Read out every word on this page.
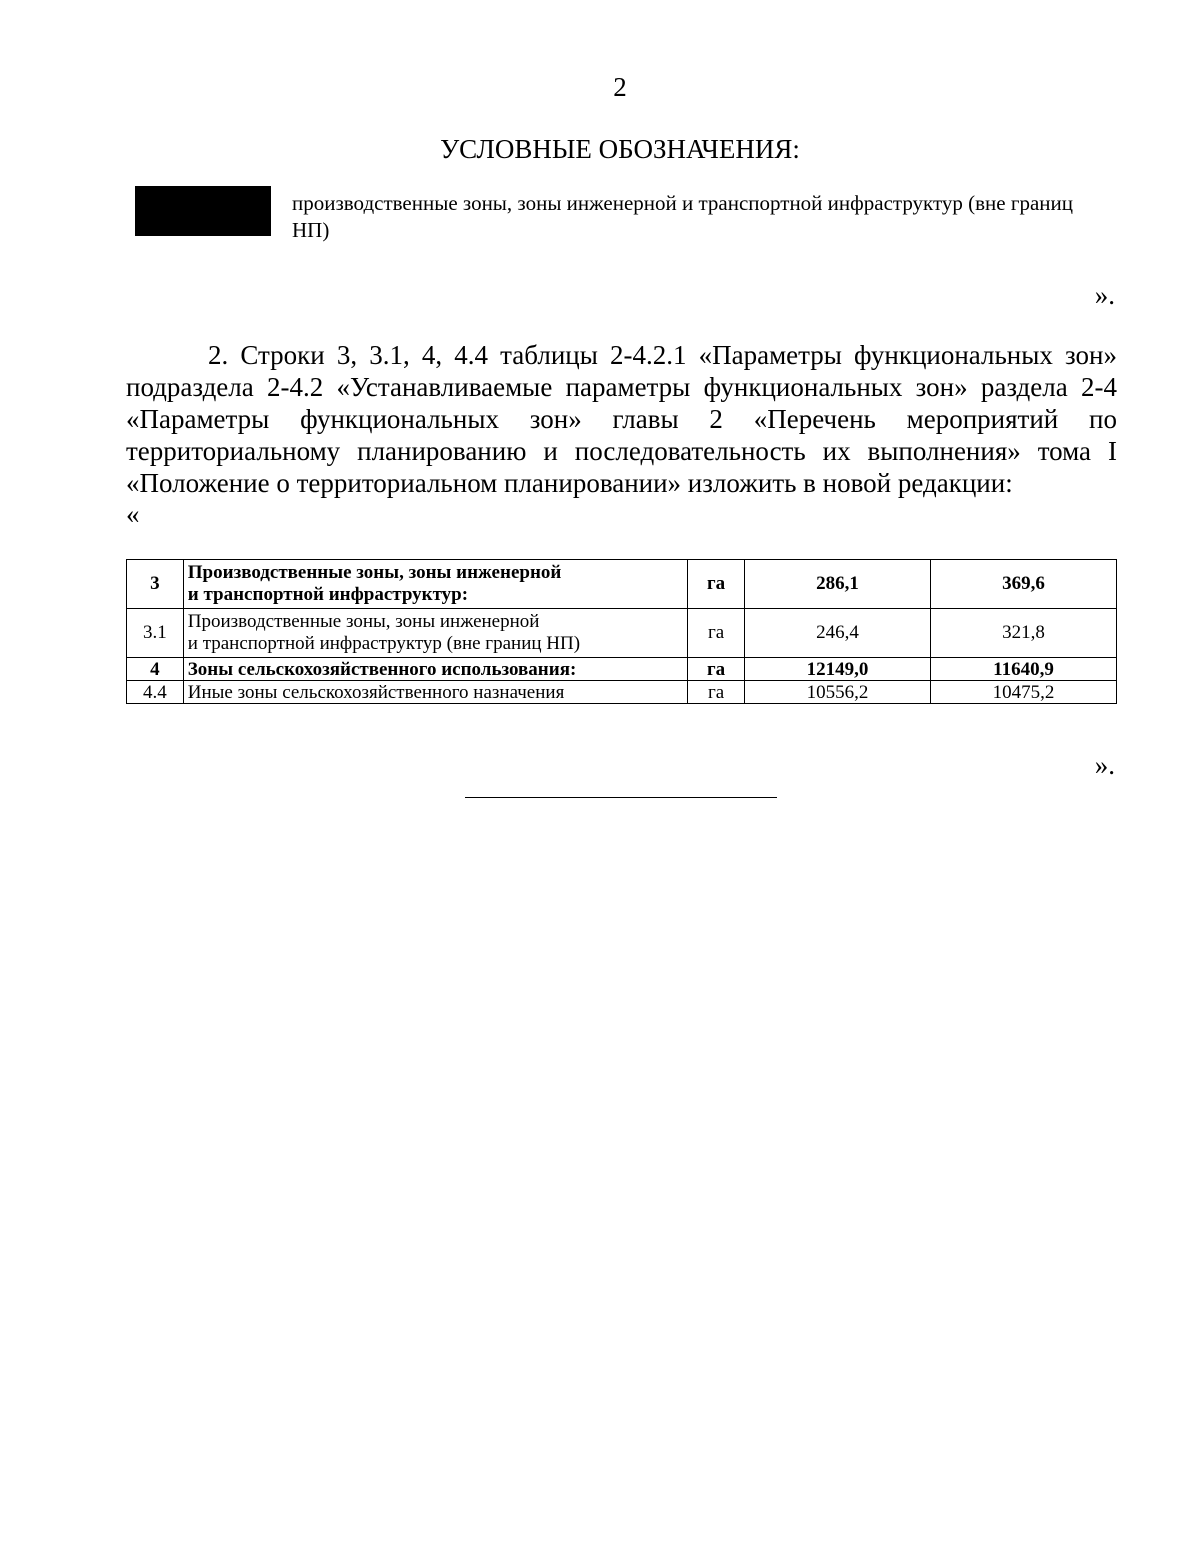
2
УСЛОВНЫЕ ОБОЗНАЧЕНИЯ:
производственные зоны, зоны инженерной и транспортной инфраструктур (вне границ НП)
».
2. Строки 3, 3.1, 4, 4.4 таблицы 2-4.2.1 «Параметры функциональных зон» подраздела 2-4.2 «Устанавливаемые параметры функциональных зон» раздела 2-4 «Параметры функциональных зон» главы 2 «Перечень мероприятий по территориальному планированию и последовательность их выполнения» тома I «Положение о территориальном планировании» изложить в новой редакции:
«
3	Производственные зоны, зоны инженерной
и транспортной инфраструктур:	га	286,1	369,6
3.1	Производственные зоны, зоны инженерной
и транспортной инфраструктур (вне границ НП)	га	246,4	321,8
4	Зоны сельскохозяйственного использования:	га	12149,0	11640,9
4.4	Иные зоны сельскохозяйственного назначения	га	10556,2	10475,2
».
